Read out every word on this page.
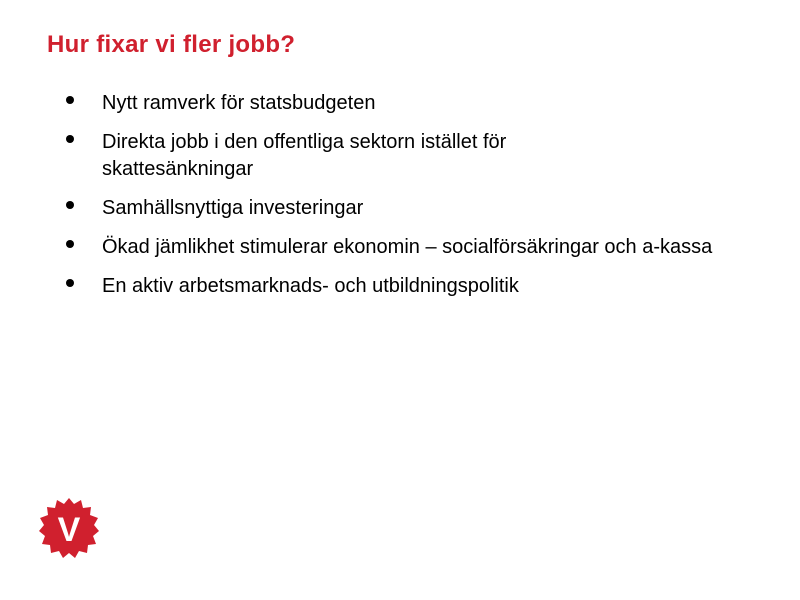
Hur fixar vi fler jobb?
Nytt ramverk för statsbudgeten
Direkta jobb i den offentliga sektorn istället för skattesänkningar
Samhällsnyttiga investeringar
Ökad jämlikhet stimulerar ekonomin – socialförsäkringar och a-kassa
En aktiv arbetsmarknads- och utbildningspolitik
V
